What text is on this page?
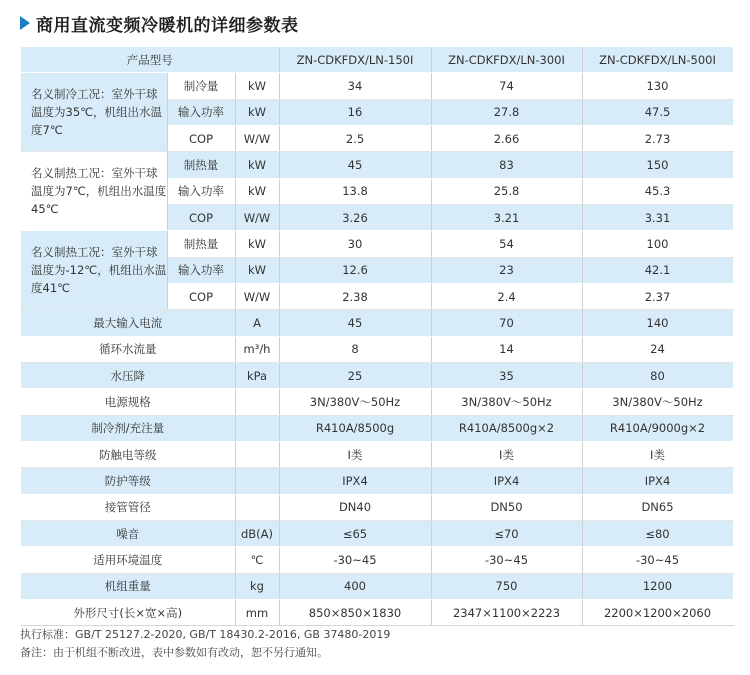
商用直流变频冷暖机的详细参数表
产品型号			ZN-CDKFDX/LN-150I	ZN-CDKFDX/LN-300I	ZN-CDKFDX/LN-500I
名义制冷工况：室外干球温度为35℃，机组出水温度7℃	制冷量	kW	34	74	130
	输入功率	kW	16	27.8	47.5
	COP	W/W	2.5	2.66	2.73
名义制热工况：室外干球温度为7℃，机组出水温度45℃	制热量	kW	45	83	150
	输入功率	kW	13.8	25.8	45.3
	COP	W/W	3.26	3.21	3.31
名义制热工况：室外干球温度为-12℃，机组出水温度41℃	制热量	kW	30	54	100
	输入功率	kW	12.6	23	42.1
	COP	W/W	2.38	2.4	2.37
最大输入电流		A	45	70	140
循环水流量		m³/h	8	14	24
水压降		kPa	25	35	80
电源规格			3N/380V～50Hz	3N/380V～50Hz	3N/380V～50Hz
制冷剂/充注量			R410A/8500g	R410A/8500g×2	R410A/9000g×2
防触电等级			I类	I类	I类
防护等级			IPX4	IPX4	IPX4
接管管径			DN40	DN50	DN65
噪音		dB(A)	≤65	≤70	≤80
适用环境温度		℃	-30~45	-30~45	-30~45
机组重量		kg	400	750	1200
外形尺寸(长×宽×高)		mm	850×850×1830	2347×1100×2223	2200×1200×2060
执行标准：GB/T 25127.2-2020, GB/T 18430.2-2016, GB 37480-2019
备注：由于机组不断改进，表中参数如有改动，恕不另行通知。
